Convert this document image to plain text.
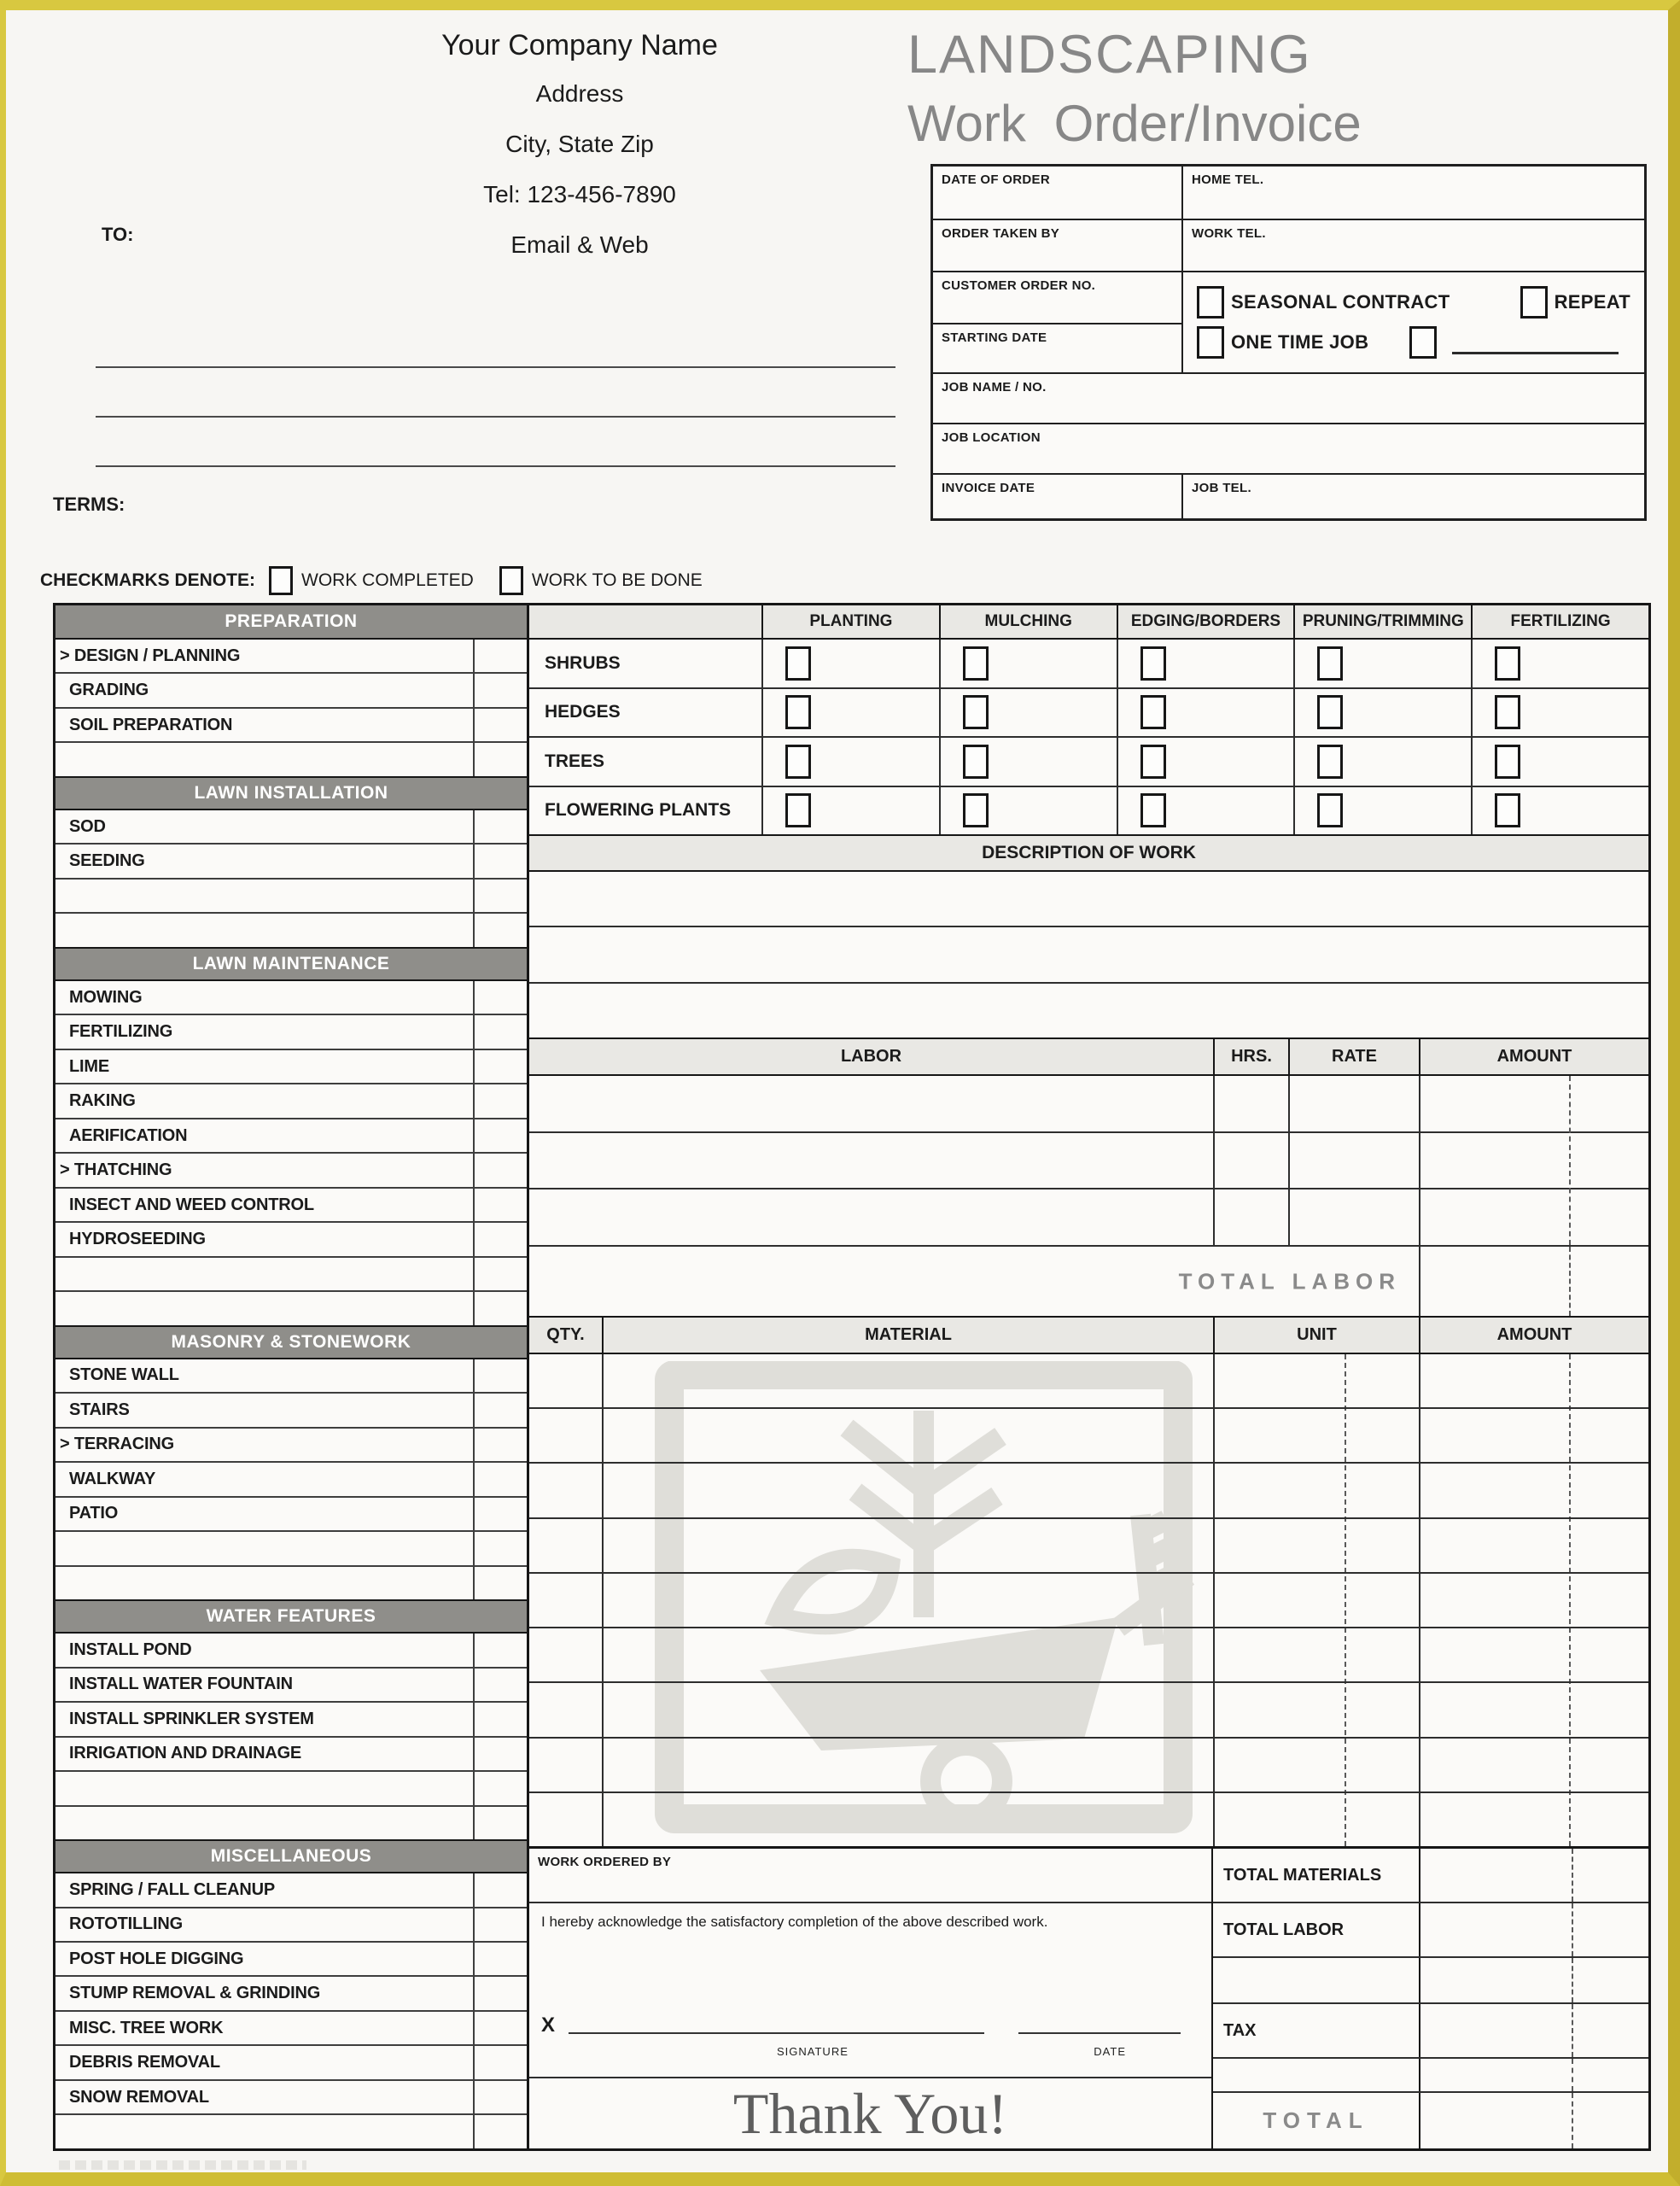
Your Company Name
Address
City, State Zip
Tel: 123-456-7890
Email & Web
LANDSCAPING
Work Order/Invoice
DATE OF ORDER	HOME TEL.
ORDER TAKEN BY	WORK TEL.
CUSTOMER ORDER NO.
STARTING DATE
SEASONAL CONTRACT	REPEAT
ONE TIME JOB
JOB NAME / NO.
JOB LOCATION
INVOICE DATE	JOB TEL.
TO:
TERMS:
CHECKMARKS DENOTE:	WORK COMPLETED	WORK TO BE DONE
PREPARATION
> DESIGN / PLANNING
GRADING
SOIL PREPARATION
LAWN INSTALLATION
SOD
SEEDING
LAWN MAINTENANCE
MOWING
FERTILIZING
LIME
RAKING
AERIFICATION
> THATCHING
INSECT AND WEED CONTROL
HYDROSEEDING
MASONRY & STONEWORK
STONE WALL
STAIRS
> TERRACING
WALKWAY
PATIO
WATER FEATURES
INSTALL POND
INSTALL WATER FOUNTAIN
INSTALL SPRINKLER SYSTEM
IRRIGATION AND DRAINAGE
MISCELLANEOUS
SPRING / FALL CLEANUP
ROTOTILLING
POST HOLE DIGGING
STUMP REMOVAL & GRINDING
MISC. TREE WORK
DEBRIS REMOVAL
SNOW REMOVAL
PLANTING	MULCHING	EDGING/BORDERS	PRUNING/TRIMMING	FERTILIZING
SHRUBS
HEDGES
TREES
FLOWERING PLANTS
DESCRIPTION OF WORK
LABOR	HRS.	RATE	AMOUNT
TOTAL LABOR
QTY.	MATERIAL	UNIT	AMOUNT
WORK ORDERED BY
I hereby acknowledge the satisfactory completion of the above described work.
X
SIGNATURE	DATE
Thank You!
TOTAL MATERIALS
TOTAL LABOR
TAX
TOTAL
